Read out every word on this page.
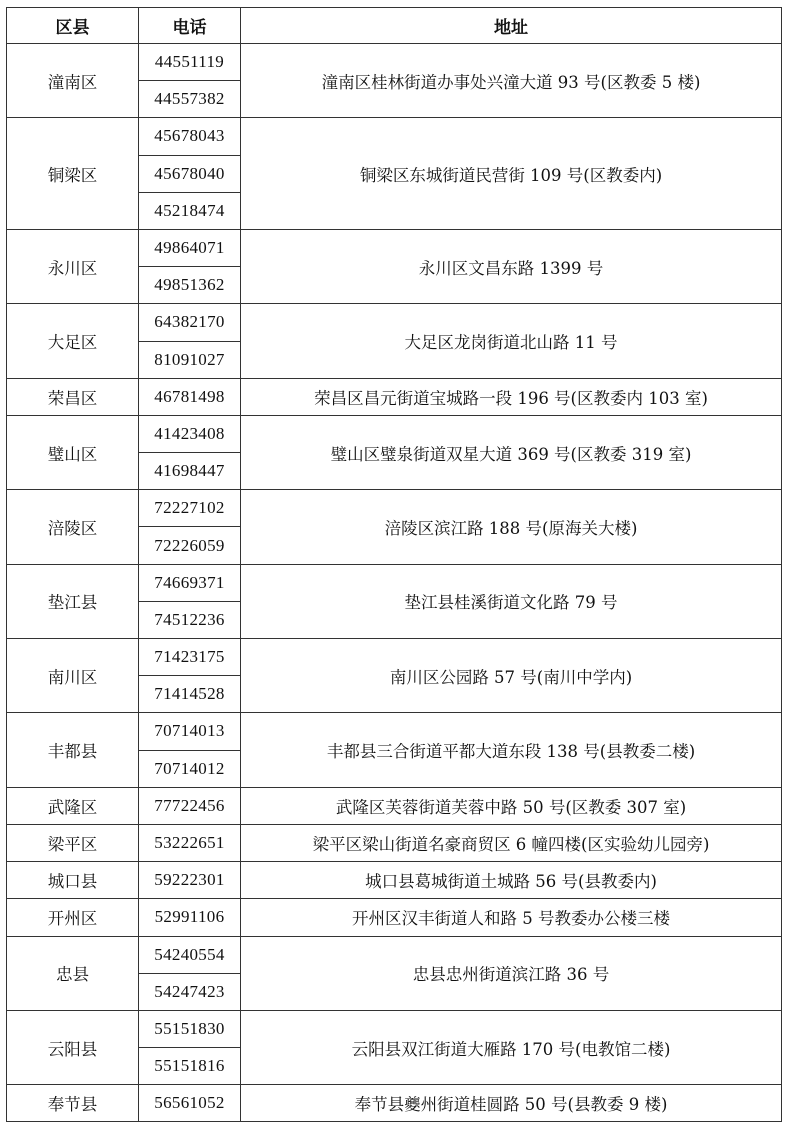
区县	电话	地址
潼南区	44551119	潼南区桂林街道办事处兴潼大道 93 号(区教委 5 楼)
	44557382	
铜梁区	45678043	铜梁区东城街道民营街 109 号(区教委内)
	45678040	
	45218474	
永川区	49864071	永川区文昌东路 1399 号
	49851362	
大足区	64382170	大足区龙岗街道北山路 11 号
	81091027	
荣昌区	46781498	荣昌区昌元街道宝城路一段 196 号(区教委内 103 室)
璧山区	41423408	璧山区璧泉街道双星大道 369 号(区教委 319 室)
	41698447	
涪陵区	72227102	涪陵区滨江路 188 号(原海关大楼)
	72226059	
垫江县	74669371	垫江县桂溪街道文化路 79 号
	74512236	
南川区	71423175	南川区公园路 57 号(南川中学内)
	71414528	
丰都县	70714013	丰都县三合街道平都大道东段 138 号(县教委二楼)
	70714012	
武隆区	77722456	武隆区芙蓉街道芙蓉中路 50 号(区教委 307 室)
梁平区	53222651	梁平区梁山街道名豪商贸区 6 幢四楼(区实验幼儿园旁)
城口县	59222301	城口县葛城街道土城路 56 号(县教委内)
开州区	52991106	开州区汉丰街道人和路 5 号教委办公楼三楼
忠县	54240554	忠县忠州街道滨江路 36 号
	54247423	
云阳县	55151830	云阳县双江街道大雁路 170 号(电教馆二楼)
	55151816	
奉节县	56561052	奉节县夔州街道桂圆路 50 号(县教委 9 楼)
